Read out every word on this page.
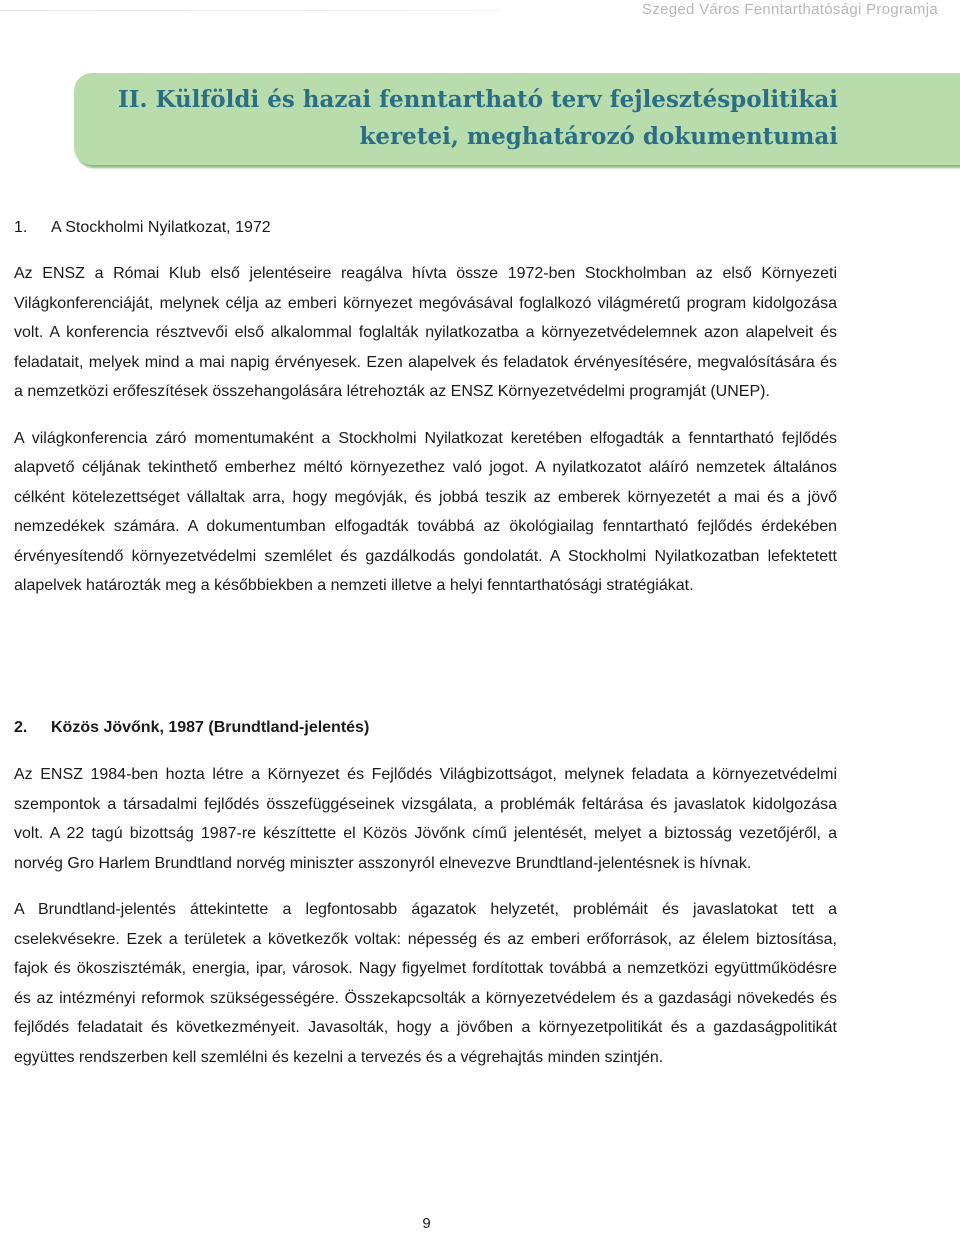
Szeged Város Fenntarthatósági Programja
II. Külföldi és hazai fenntartható terv fejlesztéspolitikai
keretei, meghatározó dokumentumai
1. A Stockholmi Nyilatkozat, 1972

Az ENSZ a Római Klub első jelentéseire reagálva hívta össze 1972-ben Stockholmban az első Környezeti Világkonferenciáját, melynek célja az emberi környezet megóvásával foglalkozó világméretű program kidolgozása volt. A konferencia résztvevői első alkalommal foglalták nyilatkozatba a környezetvédelemnek azon alapelveit és feladatait, melyek mind a mai napig érvényesek. Ezen alapelvek és feladatok érvényesítésére, megvalósítására és a nemzetközi erőfeszítések összehangolására létrehozták az ENSZ Környezetvédelmi programját (UNEP).

A világkonferencia záró momentumaként a Stockholmi Nyilatkozat keretében elfogadták a fenntartható fejlődés alapvető céljának tekinthető emberhez méltó környezethez való jogot. A nyilatkozatot aláíró nemzetek általános célként kötelezettséget vállaltak arra, hogy megóvják, és jobbá teszik az emberek környezetét a mai és a jövő nemzedékek számára. A dokumentumban elfogadták továbbá az ökológiailag fenntartható fejlődés érdekében érvényesítendő környezetvédelmi szemlélet és gazdálkodás gondolatát. A Stockholmi Nyilatkozatban lefektetett alapelvek határozták meg a későbbiekben a nemzeti illetve a helyi fenntarthatósági stratégiákat.

2. Közös Jövőnk, 1987 (Brundtland-jelentés)

Az ENSZ 1984-ben hozta létre a Környezet és Fejlődés Világbizottságot, melynek feladata a környezetvédelmi szempontok a társadalmi fejlődés összefüggéseinek vizsgálata, a problémák feltárása és javaslatok kidolgozása volt. A 22 tagú bizottság 1987-re készíttette el Közös Jövőnk című jelentését, melyet a biztosság vezetőjéről, a norvég Gro Harlem Brundtland norvég miniszter asszonyról elnevezve Brundtland-jelentésnek is hívnak.

A Brundtland-jelentés áttekintette a legfontosabb ágazatok helyzetét, problémáit és javaslatokat tett a cselekvésekre. Ezek a területek a következők voltak: népesség és az emberi erőforrások, az élelem biztosítása, fajok és ökoszisztémák, energia, ipar, városok. Nagy figyelmet fordítottak továbbá a nemzetközi együttműködésre és az intézményi reformok szükségességére. Összekapcsolták a környezetvédelem és a gazdasági növekedés és fejlődés feladatait és következményeit. Javasolták, hogy a jövőben a környezetpolitikát és a gazdaságpolitikát együttes rendszerben kell szemlélni és kezelni a tervezés és a végrehajtás minden szintjén.

9
